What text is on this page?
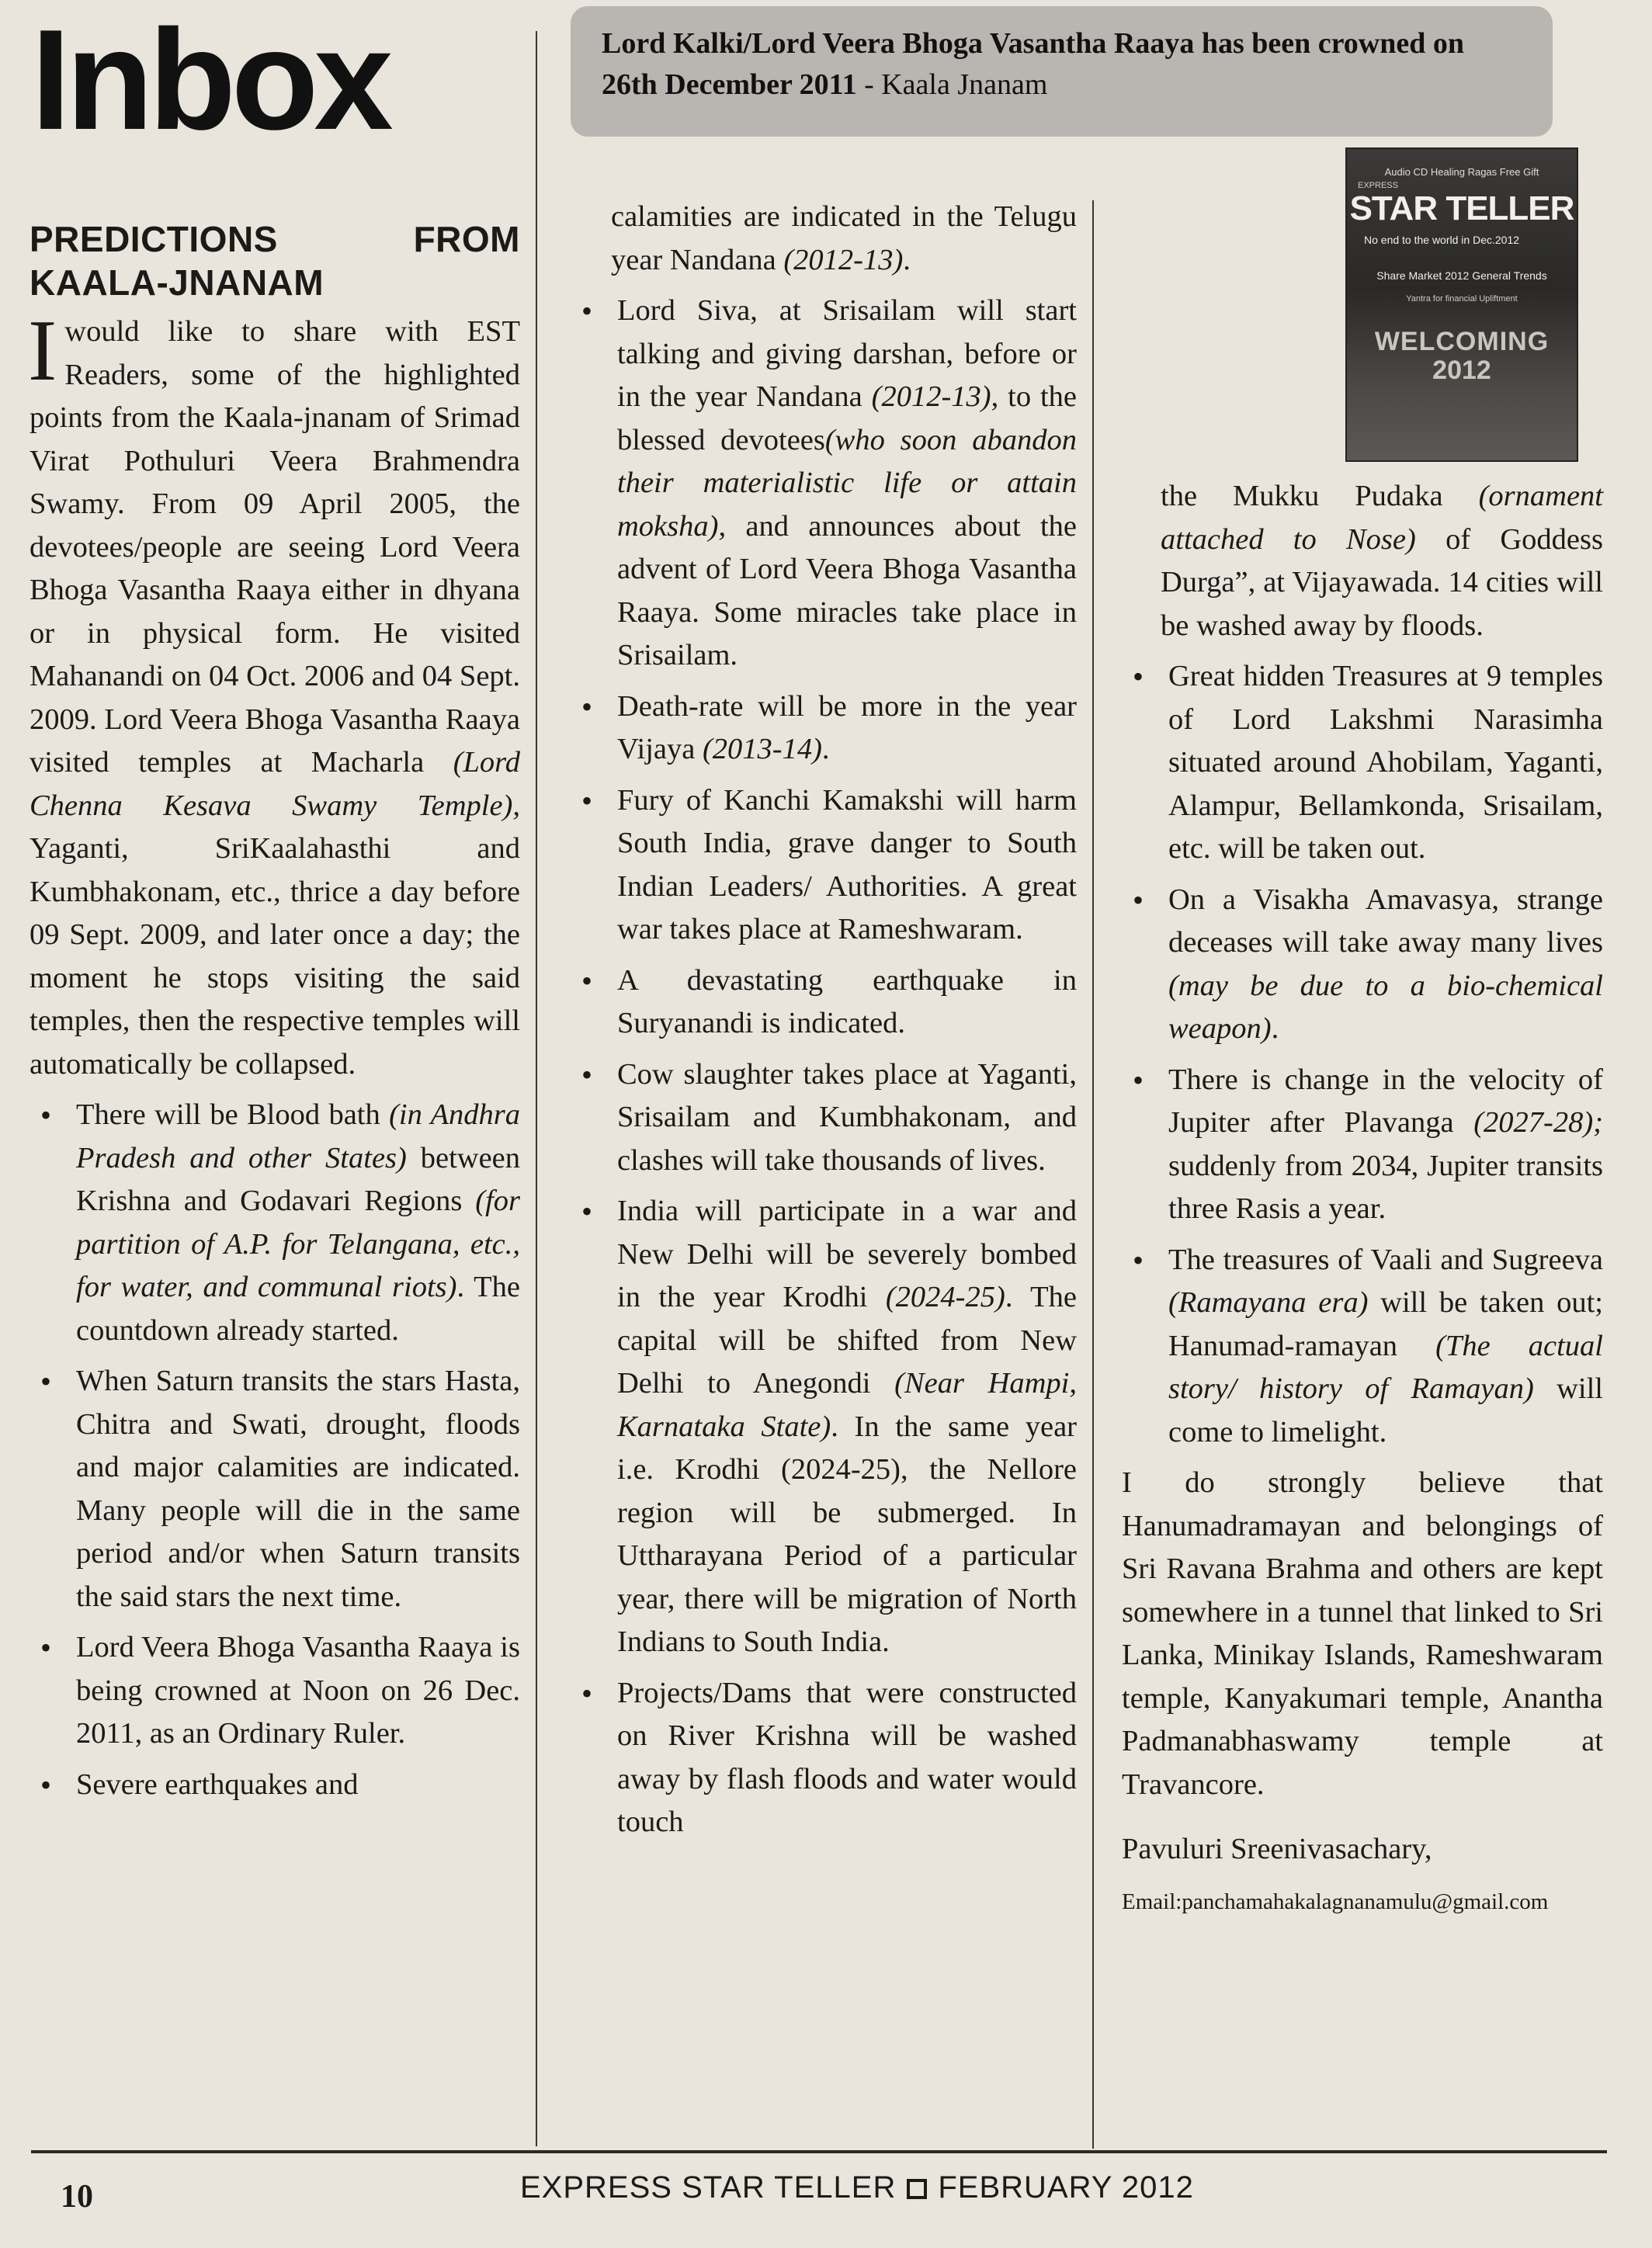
Inbox	Lord Kalki/Lord Veera Bhoga Vasantha Raaya has been crowned on 26th December 2011 - Kaala Jnanam
PREDICTIONS FROM KAALA-JNANAM

Iwould like to share with EST Readers, some of the highlighted points from the Kaala-jnanam of Srimad Virat Pothuluri Veera Brahmendra Swamy. From 09 April 2005, the devotees/people are seeing Lord Veera Bhoga Vasantha Raaya either in dhyana or in physical form. He visited Mahanandi on 04 Oct. 2006 and 04 Sept. 2009. Lord Veera Bhoga Vasantha Raaya visited temples at Macharla (Lord Chenna Kesava Swamy Temple), Yaganti, SriKaalahasthi and Kumbhakonam, etc., thrice a day before 09 Sept. 2009, and later once a day; the moment he stops visiting the said temples, then the respective temples will automatically be collapsed.

• There will be Blood bath (in Andhra Pradesh and other States) between Krishna and Godavari Regions (for partition of A.P. for Telangana, etc., for water, and communal riots). The countdown already started.
• When Saturn transits the stars Hasta, Chitra and Swati, drought, floods and major calamities are indicated. Many people will die in the same period and/or when Saturn transits the said stars the next time.
• Lord Veera Bhoga Vasantha Raaya is being crowned at Noon on 26 Dec. 2011, as an Ordinary Ruler.
• Severe earthquakes and

calamities are indicated in the Telugu year Nandana (2012-13).

• Lord Siva, at Srisailam will start talking and giving darshan, before or in the year Nandana (2012-13), to the blessed devotees(who soon abandon their materialistic life or attain moksha), and announces about the advent of Lord Veera Bhoga Vasantha Raaya. Some miracles take place in Srisailam.
• Death-rate will be more in the year Vijaya (2013-14).
• Fury of Kanchi Kamakshi will harm South India, grave danger to South Indian Leaders/ Authorities. A great war takes place at Rameshwaram.
• A devastating earthquake in Suryanandi is indicated.
• Cow slaughter takes place at Yaganti, Srisailam and Kumbhakonam, and clashes will take thousands of lives.
• India will participate in a war and New Delhi will be severely bombed in the year Krodhi (2024-25). The capital will be shifted from New Delhi to Anegondi (Near Hampi, Karnataka State). In the same year i.e. Krodhi (2024-25), the Nellore region will be submerged. In Uttharayana Period of a particular year, there will be migration of North Indians to South India.
• Projects/Dams that were constructed on River Krishna will be washed away by flash floods and water would touch
Audio CD Healing Ragas Free Gift
EXPRESS
STAR TELLER
No end to the world in Dec.2012
Share Market 2012 General Trends
Yantra for financial Upliftment
WELCOMING
2012

the Mukku Pudaka (ornament attached to Nose) of Goddess Durga”, at Vijayawada. 14 cities will be washed away by floods.

• Great hidden Treasures at 9 temples of Lord Lakshmi Narasimha situated around Ahobilam, Yaganti, Alampur, Bellamkonda, Srisailam, etc. will be taken out.
• On a Visakha Amavasya, strange deceases will take away many lives (may be due to a bio-chemical weapon).
• There is change in the velocity of Jupiter after Plavanga (2027-28); suddenly from 2034, Jupiter transits three Rasis a year.
• The treasures of Vaali and Sugreeva (Ramayana era) will be taken out; Hanumad-ramayan (The actual story/ history of Ramayan) will come to limelight.

I do strongly believe that Hanumadramayan and belongings of Sri Ravana Brahma and others are kept somewhere in a tunnel that linked to Sri Lanka, Minikay Islands, Rameshwaram temple, Kanyakumari temple, Anantha Padmanabhaswamy temple at Travancore.

Pavuluri Sreenivasachary,

Email:panchamahakalagnanamulu@gmail.com

10	EXPRESS STAR TELLER FEBRUARY 2012
